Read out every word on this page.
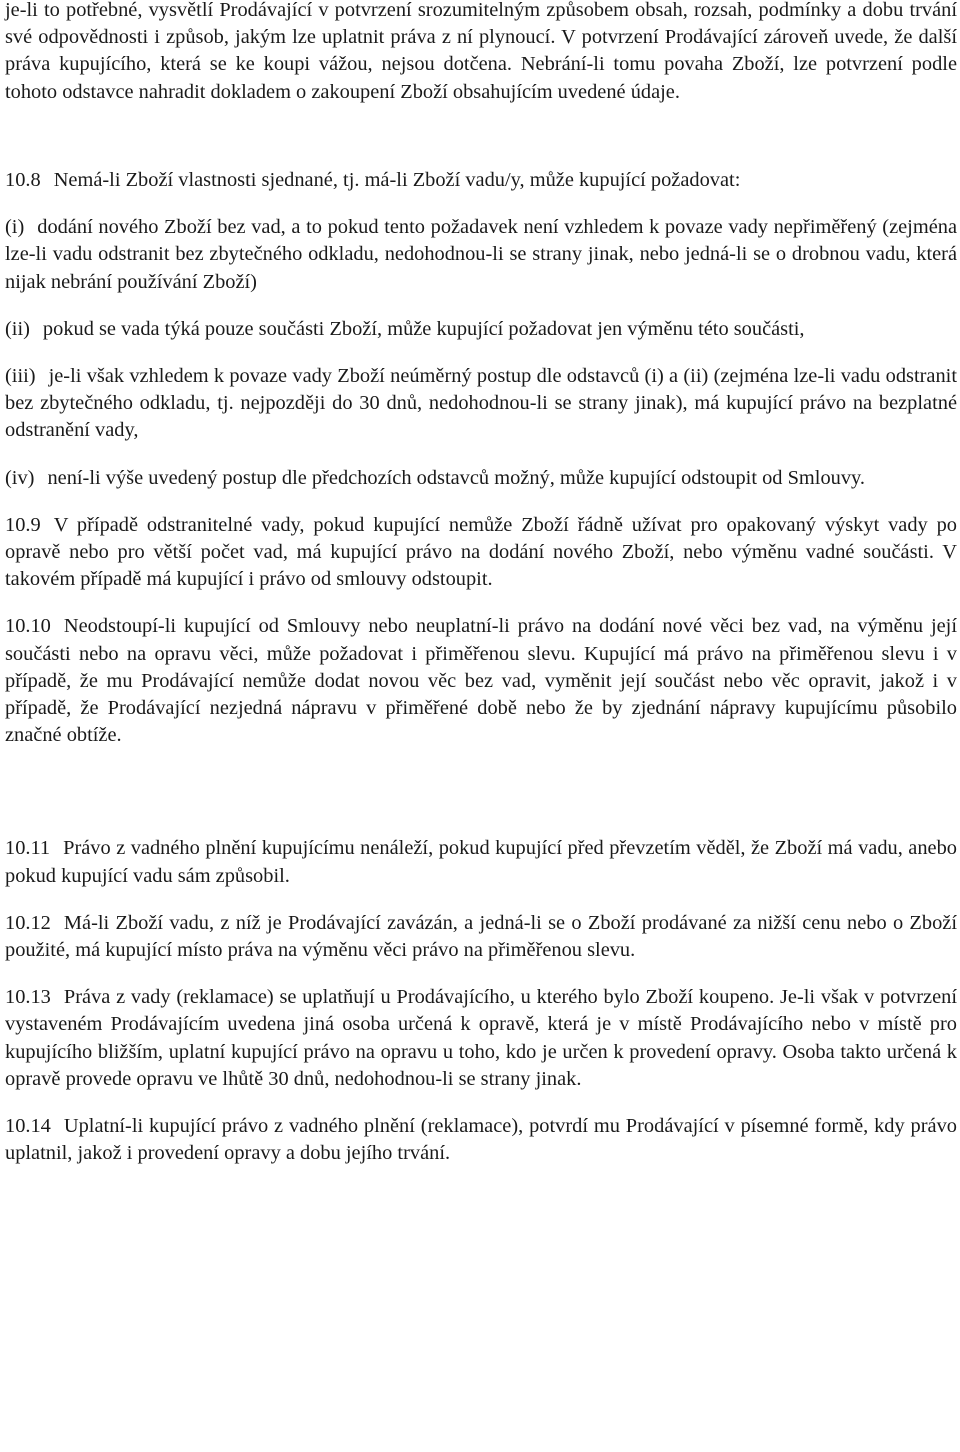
je-li to potřebné, vysvětlí Prodávající v potvrzení srozumitelným způsobem obsah, rozsah, podmínky a dobu trvání své odpovědnosti i způsob, jakým lze uplatnit práva z ní plynoucí. V potvrzení Prodávající zároveň uvede, že další práva kupujícího, která se ke koupi vážou, nejsou dotčena. Nebrání-li tomu povaha Zboží, lze potvrzení podle tohoto odstavce nahradit dokladem o zakoupení Zboží obsahujícím uvedené údaje.

10.8 Nemá-li Zboží vlastnosti sjednané, tj. má-li Zboží vadu/y, může kupující požadovat:

(i) dodání nového Zboží bez vad, a to pokud tento požadavek není vzhledem k povaze vady nepřiměřený (zejména lze-li vadu odstranit bez zbytečného odkladu, nedohodnou-li se strany jinak, nebo jedná-li se o drobnou vadu, která nijak nebrání používání Zboží)

(ii) pokud se vada týká pouze součásti Zboží, může kupující požadovat jen výměnu této součásti,

(iii) je-li však vzhledem k povaze vady Zboží neúměrný postup dle odstavců (i) a (ii) (zejména lze-li vadu odstranit bez zbytečného odkladu, tj. nejpozději do 30 dnů, nedohodnou-li se strany jinak), má kupující právo na bezplatné odstranění vady,

(iv) není-li výše uvedený postup dle předchozích odstavců možný, může kupující odstoupit od Smlouvy.

10.9 V případě odstranitelné vady, pokud kupující nemůže Zboží řádně užívat pro opakovaný výskyt vady po opravě nebo pro větší počet vad, má kupující právo na dodání nového Zboží, nebo výměnu vadné součásti. V takovém případě má kupující i právo od smlouvy odstoupit.

10.10 Neodstoupí-li kupující od Smlouvy nebo neuplatní-li právo na dodání nové věci bez vad, na výměnu její součásti nebo na opravu věci, může požadovat i přiměřenou slevu. Kupující má právo na přiměřenou slevu i v případě, že mu Prodávající nemůže dodat novou věc bez vad, vyměnit její součást nebo věc opravit, jakož i v případě, že Prodávající nezjedná nápravu v přiměřené době nebo že by zjednání nápravy kupujícímu působilo značné obtíže.

10.11 Právo z vadného plnění kupujícímu nenáleží, pokud kupující před převzetím věděl, že Zboží má vadu, anebo pokud kupující vadu sám způsobil.

10.12 Má-li Zboží vadu, z níž je Prodávající zavázán, a jedná-li se o Zboží prodávané za nižší cenu nebo o Zboží použité, má kupující místo práva na výměnu věci právo na přiměřenou slevu.

10.13 Práva z vady (reklamace) se uplatňují u Prodávajícího, u kterého bylo Zboží koupeno. Je-li však v potvrzení vystaveném Prodávajícím uvedena jiná osoba určená k opravě, která je v místě Prodávajícího nebo v místě pro kupujícího bližším, uplatní kupující právo na opravu u toho, kdo je určen k provedení opravy. Osoba takto určená k opravě provede opravu ve lhůtě 30 dnů, nedohodnou-li se strany jinak.

10.14 Uplatní-li kupující právo z vadného plnění (reklamace), potvrdí mu Prodávající v písemné formě, kdy právo uplatnil, jakož i provedení opravy a dobu jejího trvání.
